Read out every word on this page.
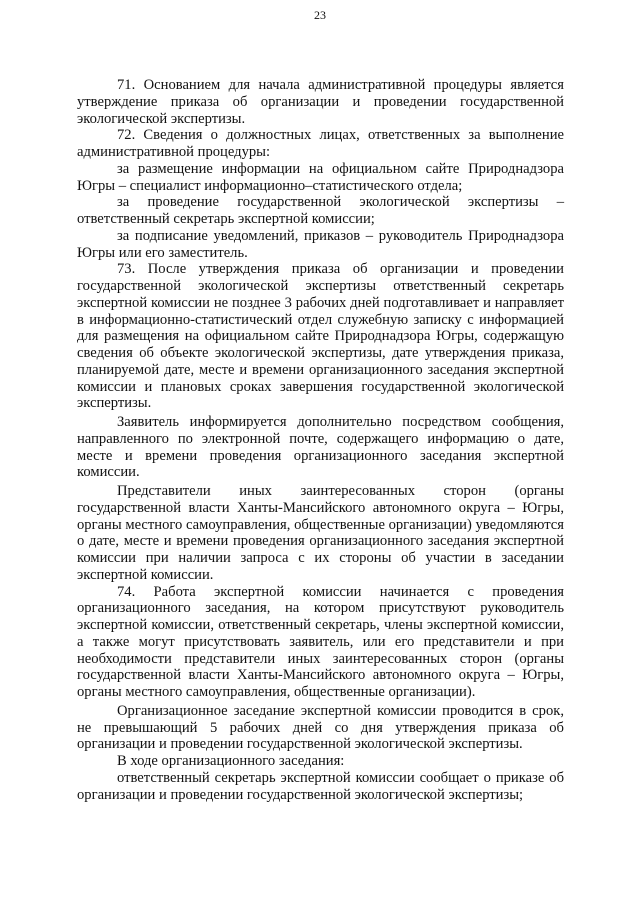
23

71. Основанием для начала административной процедуры является утверждение приказа об организации и проведении государственной экологической экспертизы.

72. Сведения о должностных лицах, ответственных за выполнение административной процедуры:

за размещение информации на официальном сайте Природнадзора Югры – специалист информационно–статистического отдела;

за проведение государственной экологической экспертизы – ответственный секретарь экспертной комиссии;

за подписание уведомлений, приказов – руководитель Природнадзора Югры или его заместитель.

73. После утверждения приказа об организации и проведении государственной экологической экспертизы ответственный секретарь экспертной комиссии не позднее 3 рабочих дней подготавливает и направляет в информационно-статистический отдел служебную записку с информацией для размещения на официальном сайте Природнадзора Югры, содержащую сведения об объекте экологической экспертизы, дате утверждения приказа, планируемой дате, месте и времени организационного заседания экспертной комиссии и плановых сроках завершения государственной экологической экспертизы.

Заявитель информируется дополнительно посредством сообщения, направленного по электронной почте, содержащего информацию о дате, месте и времени проведения организационного заседания экспертной комиссии.

Представители иных заинтересованных сторон (органы государственной власти Ханты-Мансийского автономного округа – Югры, органы местного самоуправления, общественные организации) уведомляются о дате, месте и времени проведения организационного заседания экспертной комиссии при наличии запроса с их стороны об участии в заседании экспертной комиссии.

74. Работа экспертной комиссии начинается с проведения организационного заседания, на котором присутствуют руководитель экспертной комиссии, ответственный секретарь, члены экспертной комиссии, а также могут присутствовать заявитель, или его представители и при необходимости представители иных заинтересованных сторон (органы государственной власти Ханты-Мансийского автономного округа – Югры, органы местного самоуправления, общественные организации).

Организационное заседание экспертной комиссии проводится в срок, не превышающий 5 рабочих дней со дня утверждения приказа об организации и проведении государственной экологической экспертизы.

В ходе организационного заседания:

ответственный секретарь экспертной комиссии сообщает о приказе об организации и проведении государственной экологической экспертизы;
